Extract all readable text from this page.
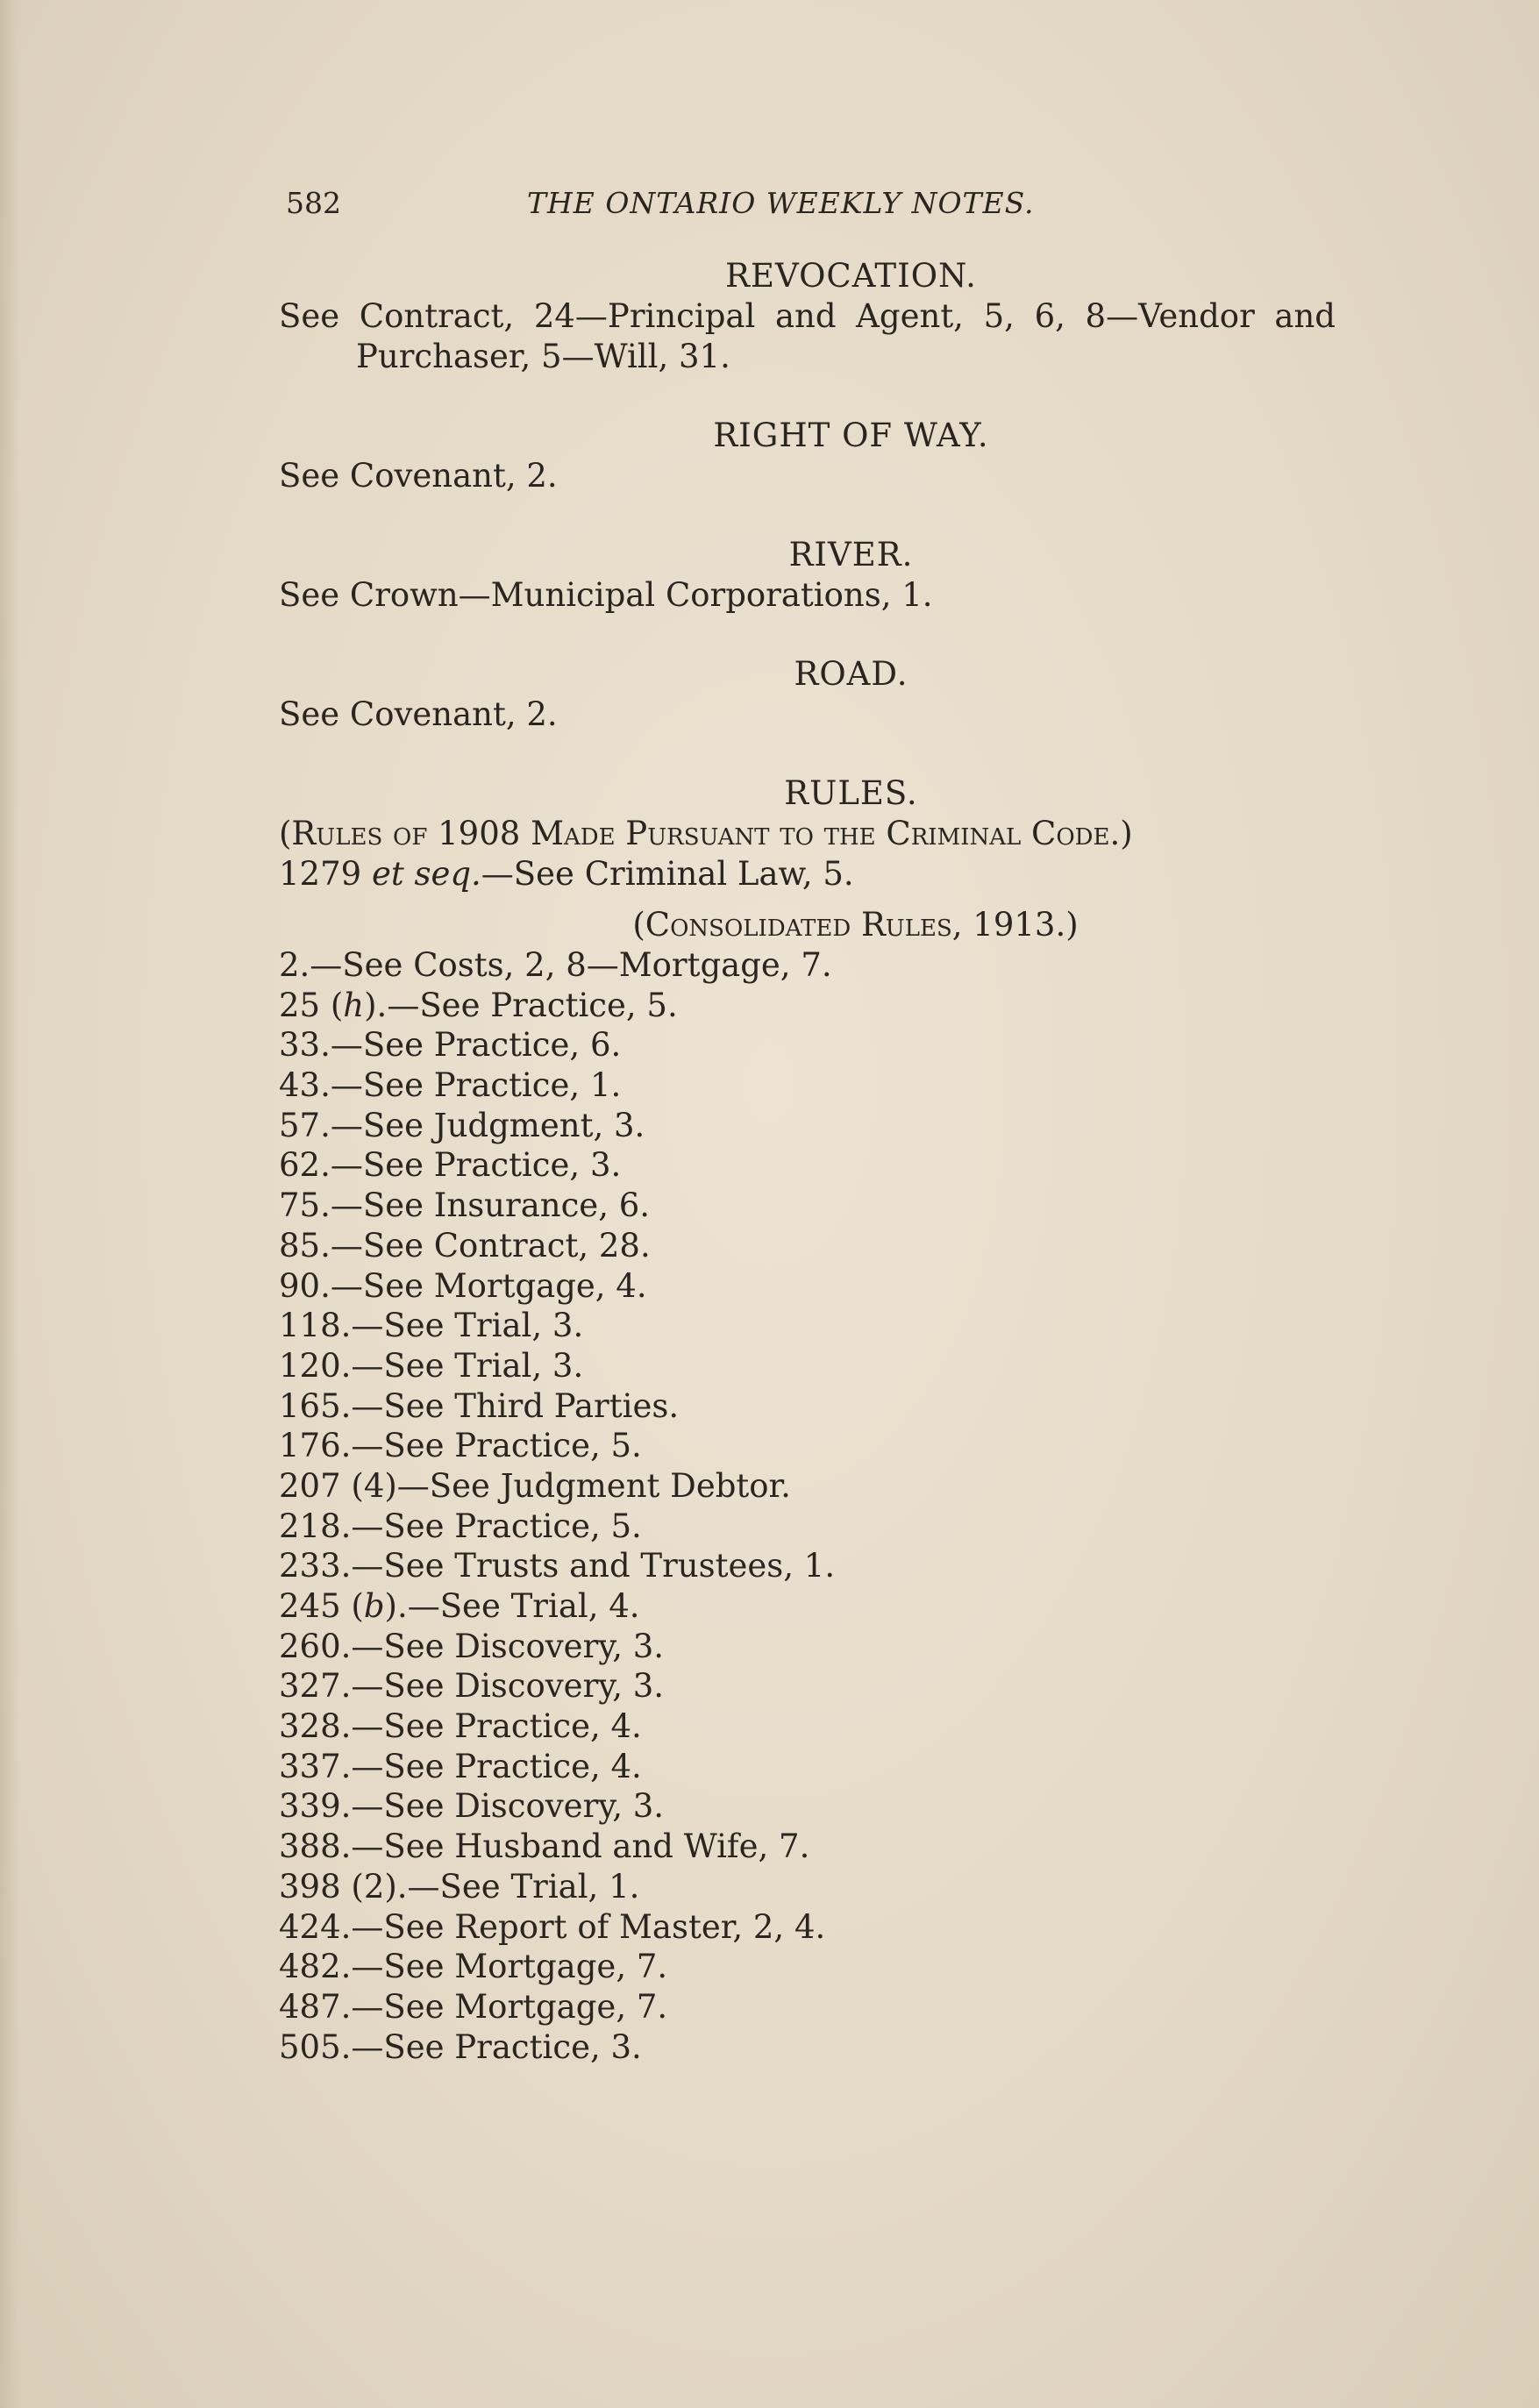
582	THE ONTARIO WEEKLY NOTES.
REVOCATION.
See Contract, 24—Principal and Agent, 5, 6, 8—Vendor and
Purchaser, 5—Will, 31.
RIGHT OF WAY.
See Covenant, 2.
RIVER.
See Crown—Municipal Corporations, 1.
ROAD.
See Covenant, 2.
RULES.
(Rules of 1908 Made Pursuant to the Criminal Code.)
1279 et seq.—See Criminal Law, 5.
(Consolidated Rules, 1913.)
2.—See Costs, 2, 8—Mortgage, 7.
25 (h).—See Practice, 5.
33.—See Practice, 6.
43.—See Practice, 1.
57.—See Judgment, 3.
62.—See Practice, 3.
75.—See Insurance, 6.
85.—See Contract, 28.
90.—See Mortgage, 4.
118.—See Trial, 3.
120.—See Trial, 3.
165.—See Third Parties.
176.—See Practice, 5.
207 (4)—See Judgment Debtor.
218.—See Practice, 5.
233.—See Trusts and Trustees, 1.
245 (b).—See Trial, 4.
260.—See Discovery, 3.
327.—See Discovery, 3.
328.—See Practice, 4.
337.—See Practice, 4.
339.—See Discovery, 3.
388.—See Husband and Wife, 7.
398 (2).—See Trial, 1.
424.—See Report of Master, 2, 4.
482.—See Mortgage, 7.
487.—See Mortgage, 7.
505.—See Practice, 3.
